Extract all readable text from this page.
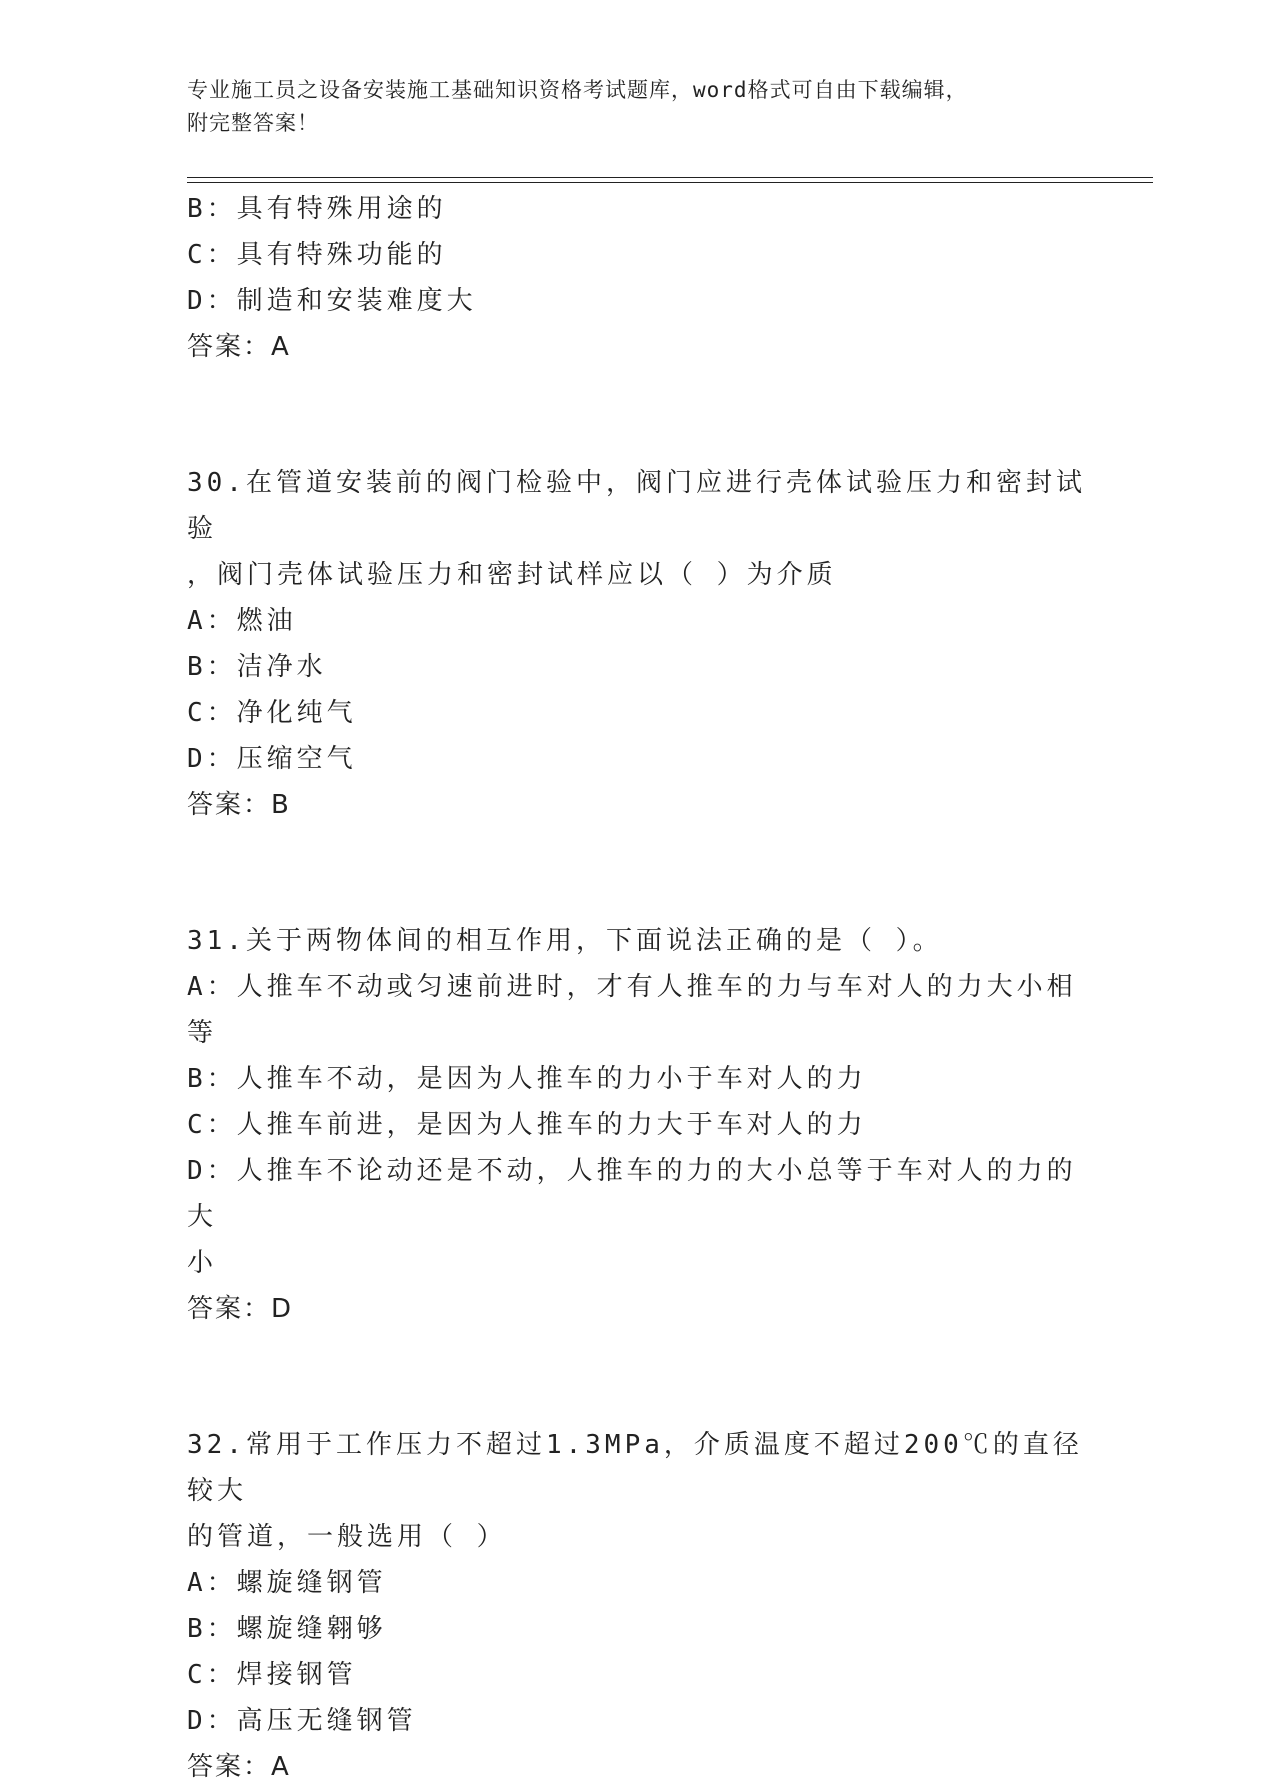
专业施工员之设备安装施工基础知识资格考试题库，word格式可自由下载编辑，
附完整答案！

B：具有特殊用途的

C：具有特殊功能的

D：制造和安装难度大

答案：A

30.在管道安装前的阀门检验中，阀门应进行壳体试验压力和密封试验

，阀门壳体试验压力和密封试样应以（ ）为介质

A：燃油

B：洁净水

C：净化纯气

D：压缩空气

答案：B

31.关于两物体间的相互作用，下面说法正确的是（ ）。

A：人推车不动或匀速前进时，才有人推车的力与车对人的力大小相等

B：人推车不动，是因为人推车的力小于车对人的力

C：人推车前进，是因为人推车的力大于车对人的力

D：人推车不论动还是不动，人推车的力的大小总等于车对人的力的大

小

答案：D

32.常用于工作压力不超过1.3MPa，介质温度不超过200℃的直径较大

的管道，一般选用（ ）

A：螺旋缝钢管

B：螺旋缝翱够

C：焊接钢管

D：高压无缝钢管

答案：A
